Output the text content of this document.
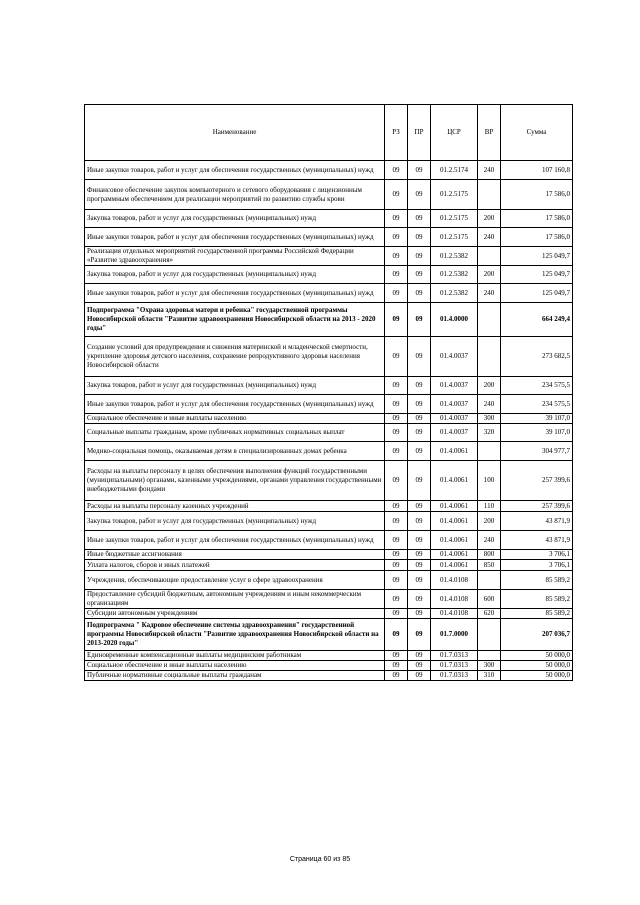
Наименование	РЗ	ПР	ЦСР	ВР	Сумма
Иные закупки товаров, работ и услуг для обеспечения государственных (муниципальных) нужд	09	09	01.2.5174	240	107 160,8
Финансовое обеспечение закупок компьютерного и сетевого оборудования с лицензионным программным обеспечением для реализации мероприятий по развитию службы крови	09	09	01.2.5175		17 586,0
Закупка товаров, работ и услуг для государственных (муниципальных) нужд	09	09	01.2.5175	200	17 586,0
Иные закупки товаров, работ и услуг для обеспечения государственных (муниципальных) нужд	09	09	01.2.5175	240	17 586,0
Реализация отдельных мероприятий государственной программы Российской Федерации «Развитие здравоохранения»	09	09	01.2.5382		125 049,7
Закупка товаров, работ и услуг для государственных (муниципальных) нужд	09	09	01.2.5382	200	125 049,7
Иные закупки товаров, работ и услуг для обеспечения государственных (муниципальных) нужд	09	09	01.2.5382	240	125 049,7
Подпрограмма "Охрана здоровья матери и ребенка" государственной программы Новосибирской области "Развитие здравоохранения Новосибирской области на 2013 - 2020 годы"	09	09	01.4.0000		664 249,4
Создание условий для предупреждения и снижения материнской и младенческой смертности, укрепление здоровья детского населения, сохранение репродуктивного здоровья населения Новосибирской области	09	09	01.4.0037		273 682,5
Закупка товаров, работ и услуг для государственных (муниципальных) нужд	09	09	01.4.0037	200	234 575,5
Иные закупки товаров, работ и услуг для обеспечения государственных (муниципальных) нужд	09	09	01.4.0037	240	234 575,5
Социальное обеспечение и иные выплаты населению	09	09	01.4.0037	300	39 107,0
Социальные выплаты гражданам, кроме публичных нормативных социальных выплат	09	09	01.4.0037	320	39 107,0
Медико-социальная помощь, оказываемая детям в специализированных домах ребенка	09	09	01.4.0061		304 977,7
Расходы на выплаты персоналу в целях обеспечения выполнения функций государственными (муниципальными) органами, казенными учреждениями, органами управления государственными внебюджетными фондами	09	09	01.4.0061	100	257 399,6
Расходы на выплаты персоналу казенных учреждений	09	09	01.4.0061	110	257 399,6
Закупка товаров, работ и услуг для государственных (муниципальных) нужд	09	09	01.4.0061	200	43 871,9
Иные закупки товаров, работ и услуг для обеспечения государственных (муниципальных) нужд	09	09	01.4.0061	240	43 871,9
Иные бюджетные ассигнования	09	09	01.4.0061	800	3 706,1
Уплата налогов, сборов и иных платежей	09	09	01.4.0061	850	3 706,1
Учреждения, обеспечивающие предоставление услуг в сфере здравоохранения	09	09	01.4.0108		85 589,2
Предоставление субсидий бюджетным, автономным учреждениям и иным некоммерческим организациям	09	09	01.4.0108	600	85 589,2
Субсидии автономным учреждениям	09	09	01.4.0108	620	85 589,2
Подпрограмма " Кадровое обеспечение системы здравоохранения" государственной программы Новосибирской области "Развитие здравоохранения Новосибирской области на 2013-2020 годы"	09	09	01.7.0000		207 036,7
Единовременные компенсационные выплаты медицинским работникам	09	09	01.7.0313		50 000,0
Социальное обеспечение и иные выплаты населению	09	09	01.7.0313	300	50 000,0
Публичные нормативные социальные выплаты гражданам	09	09	01.7.0313	310	50 000,0
Страница 60 из 85
